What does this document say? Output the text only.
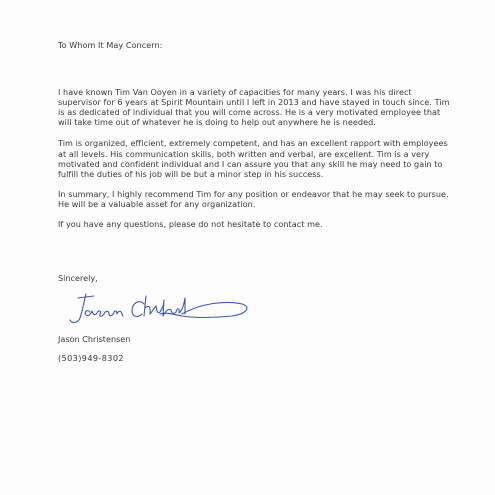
To Whom It May Concern:

I have known Tim Van Ooyen in a variety of capacities for many years. I was his direct supervisor for 6 years at Spirit Mountain until I left in 2013 and have stayed in touch since. Tim is as dedicated of individual that you will come across. He is a very motivated employee that will take time out of whatever he is doing to help out anywhere he is needed.

Tim is organized, efficient, extremely competent, and has an excellent rapport with employees at all levels. His communication skills, both written and verbal, are excellent. Tim is a very motivated and confident individual and I can assure you that any skill he may need to gain to fulfill the duties of his job will be but a minor step in his success.

In summary, I highly recommend Tim for any position or endeavor that he may seek to pursue. He will be a valuable asset for any organization.

If you have any questions, please do not hesitate to contact me.

Sincerely,

Jason Christensen

(503)949-8302
